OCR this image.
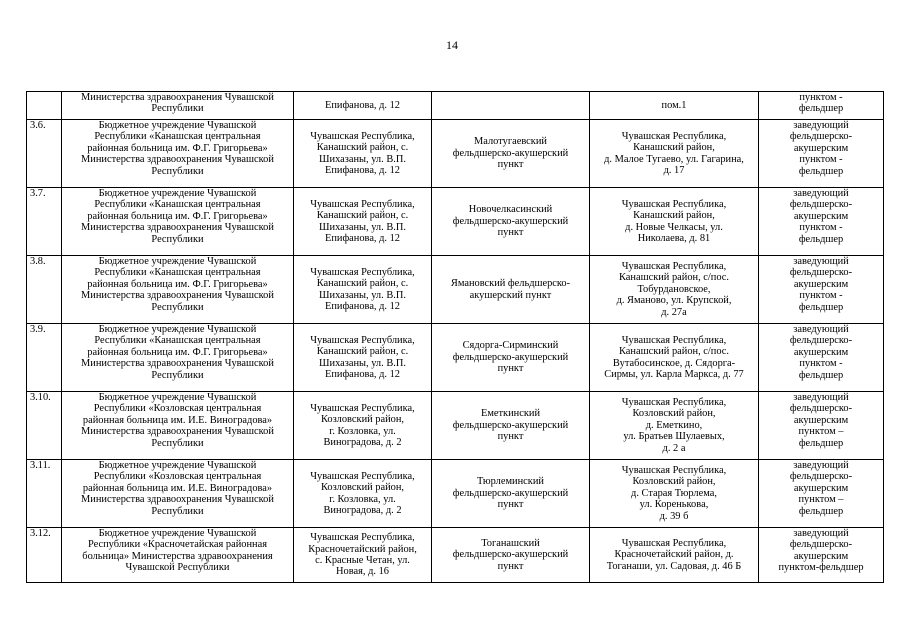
14

	Министерства здравоохранения Чувашской
Республики	Епифанова, д. 12		пом.1	пунктом -
фельдшер

3.6.	Бюджетное учреждение Чувашской
Республики «Канашская центральная
районная больница им. Ф.Г. Григорьева»
Министерства здравоохранения Чувашской
Республики	Чувашская Республика,
Канашский район, с.
Шихазаны, ул. В.П.
Епифанова, д. 12	Малотугаевский
фельдшерско-акушерский
пункт	Чувашская Республика,
Канашский район,
д. Малое Тугаево, ул. Гагарина,
д. 17	заведующий
фельдшерско-
акушерским
пунктом -
фельдшер

3.7.	Бюджетное учреждение Чувашской
Республики «Канашская центральная
районная больница им. Ф.Г. Григорьева»
Министерства здравоохранения Чувашской
Республики	Чувашская Республика,
Канашский район, с.
Шихазаны, ул. В.П.
Епифанова, д. 12	Новочелкасинский
фельдшерско-акушерский
пункт	Чувашская Республика,
Канашский район,
д. Новые Челкасы, ул.
Николаева, д. 81	заведующий
фельдшерско-
акушерским
пунктом -
фельдшер

3.8.	Бюджетное учреждение Чувашской
Республики «Канашская центральная
районная больница им. Ф.Г. Григорьева»
Министерства здравоохранения Чувашской
Республики	Чувашская Республика,
Канашский район, с.
Шихазаны, ул. В.П.
Епифанова, д. 12	Ямановский фельдшерско-
акушерский пункт	Чувашская Республика,
Канашский район, с/пос.
Тобурдановское,
д. Яманово, ул. Крупской,
д. 27а	заведующий
фельдшерско-
акушерским
пунктом -
фельдшер

3.9.	Бюджетное учреждение Чувашской
Республики «Канашская центральная
районная больница им. Ф.Г. Григорьева»
Министерства здравоохранения Чувашской
Республики	Чувашская Республика,
Канашский район, с.
Шихазаны, ул. В.П.
Епифанова, д. 12	Сядорга-Сирминский
фельдшерско-акушерский
пункт	Чувашская Республика,
Канашский район, с/пос.
Вутабосинское, д. Сядорга-
Сирмы, ул. Карла Маркса, д. 77	заведующий
фельдшерско-
акушерским
пунктом -
фельдшер

3.10.	Бюджетное учреждение Чувашской
Республики «Козловская центральная
районная больница им. И.Е. Виноградова»
Министерства здравоохранения Чувашской
Республики	Чувашская Республика,
Козловский район,
г. Козловка, ул.
Виноградова, д. 2	Еметкинский
фельдшерско-акушерский
пункт	Чувашская Республика,
Козловский район,
д. Еметкино,
ул. Братьев Шулаевых,
д. 2 а	заведующий
фельдшерско-
акушерским
пунктом –
фельдшер

3.11.	Бюджетное учреждение Чувашской
Республики «Козловская центральная
районная больница им. И.Е. Виноградова»
Министерства здравоохранения Чувашской
Республики	Чувашская Республика,
Козловский район,
г. Козловка, ул.
Виноградова, д. 2	Тюрлеминский
фельдшерско-акушерский
пункт	Чувашская Республика,
Козловский район,
д. Старая Тюрлема,
ул. Кореньковa,
д. 39 б	заведующий
фельдшерско-
акушерским
пунктом –
фельдшер

3.12.	Бюджетное учреждение Чувашской
Республики «Красночетайская районная
больница» Министерства здравоохранения
Чувашской Республики	Чувашская Республика,
Красночетайский район,
с. Красные Четан, ул.
Новая, д. 16	Тоганашский
фельдшерско-акушерский
пункт	Чувашская Республика,
Красночетайский район, д.
Тоганаши, ул. Садовая, д. 46 Б	заведующий
фельдшерско-
акушерским
пунктом-фельдшер
